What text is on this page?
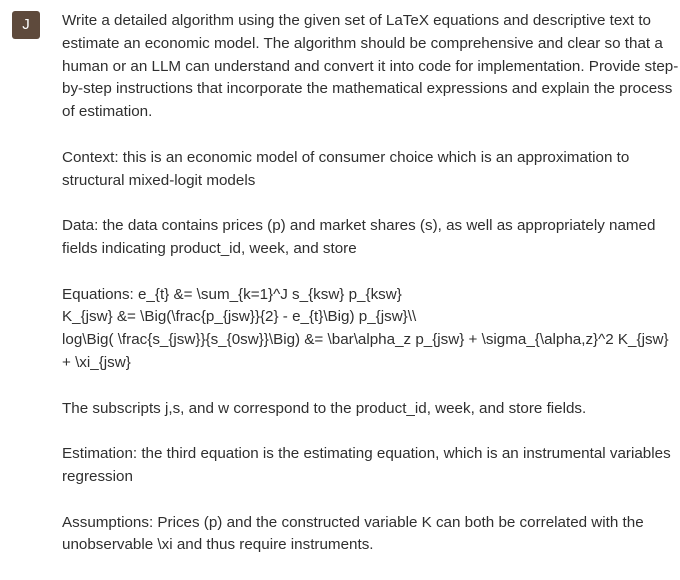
J	Write a detailed algorithm using the given set of LaTeX equations and descriptive text to
estimate an economic model. The algorithm should be comprehensive and clear so that a
human or an LLM can understand and convert it into code for implementation. Provide step-
by-step instructions that incorporate the mathematical expressions and explain the process
of estimation.

Context: this is an economic model of consumer choice which is an approximation to
structural mixed-logit models

Data: the data contains prices (p) and market shares (s), as well as appropriately named
fields indicating product_id, week, and store

Equations: e_{t} &= \sum_{k=1}^J s_{ksw} p_{ksw}
K_{jsw} &= \Big(\frac{p_{jsw}}{2} - e_{t}\Big) p_{jsw}\\
log\Big( \frac{s_{jsw}}{s_{0sw}}\Big) &= \bar\alpha_z p_{jsw} + \sigma_{\alpha,z}^2 K_{jsw}
+ \xi_{jsw}

The subscripts j,s, and w correspond to the product_id, week, and store fields.

Estimation: the third equation is the estimating equation, which is an instrumental variables
regression

Assumptions: Prices (p) and the constructed variable K can both be correlated with the
unobservable \xi and thus require instruments.
